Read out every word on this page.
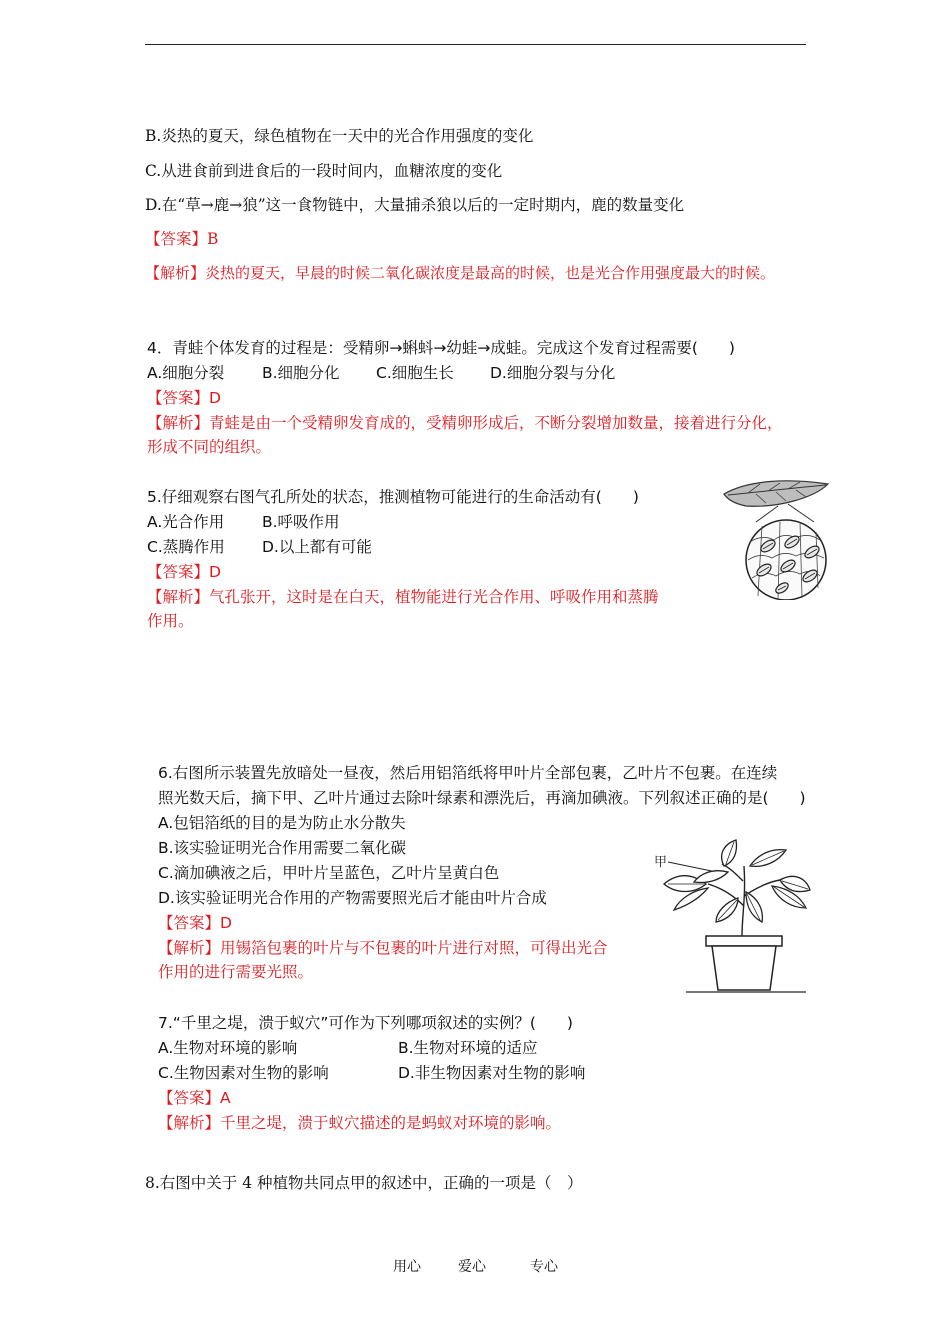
B.炎热的夏天，绿色植物在一天中的光合作用强度的变化
C.从进食前到进食后的一段时间内，血糖浓度的变化
D.在“草→鹿→狼”这一食物链中，大量捕杀狼以后的一定时期内，鹿的数量变化
【答案】B
【解析】炎热的夏天，早晨的时候二氧化碳浓度是最高的时候，也是光合作用强度最大的时候。
4．青蛙个体发育的过程是：受精卵→蝌蚪→幼蛙→成蛙。完成这个发育过程需要(　　)
A.细胞分裂 B.细胞分化 C.细胞生长 D.细胞分裂与分化
【答案】D
【解析】青蛙是由一个受精卵发育成的，受精卵形成后，不断分裂增加数量，接着进行分化，
形成不同的组织。
5.仔细观察右图气孔所处的状态，推测植物可能进行的生命活动有(　　)
A.光合作用 B.呼吸作用
C.蒸腾作用 D.以上都有可能
【答案】D
【解析】气孔张开，这时是在白天，植物能进行光合作用、呼吸作用和蒸腾
作用。
6.右图所示装置先放暗处一昼夜，然后用铝箔纸将甲叶片全部包裹，乙叶片不包裹。在连续
照光数天后，摘下甲、乙叶片通过去除叶绿素和漂洗后，再滴加碘液。下列叙述正确的是(　　)
A.包铝箔纸的目的是为防止水分散失
B.该实验证明光合作用需要二氧化碳
C.滴加碘液之后，甲叶片呈蓝色，乙叶片呈黄白色
D.该实验证明光合作用的产物需要照光后才能由叶片合成
【答案】D
【解析】用锡箔包裹的叶片与不包裹的叶片进行对照，可得出光合
作用的进行需要光照。
甲
7.“千里之堤，溃于蚁穴”可作为下列哪项叙述的实例？(　　)
A.生物对环境的影响	B.生物对环境的适应
C.生物因素对生物的影响	D.非生物因素对生物的影响
【答案】A
【解析】千里之堤，溃于蚁穴描述的是蚂蚁对环境的影响。
8.右图中关于 4 种植物共同点甲的叙述中，正确的一项是（　）
用心	爱心	专心
